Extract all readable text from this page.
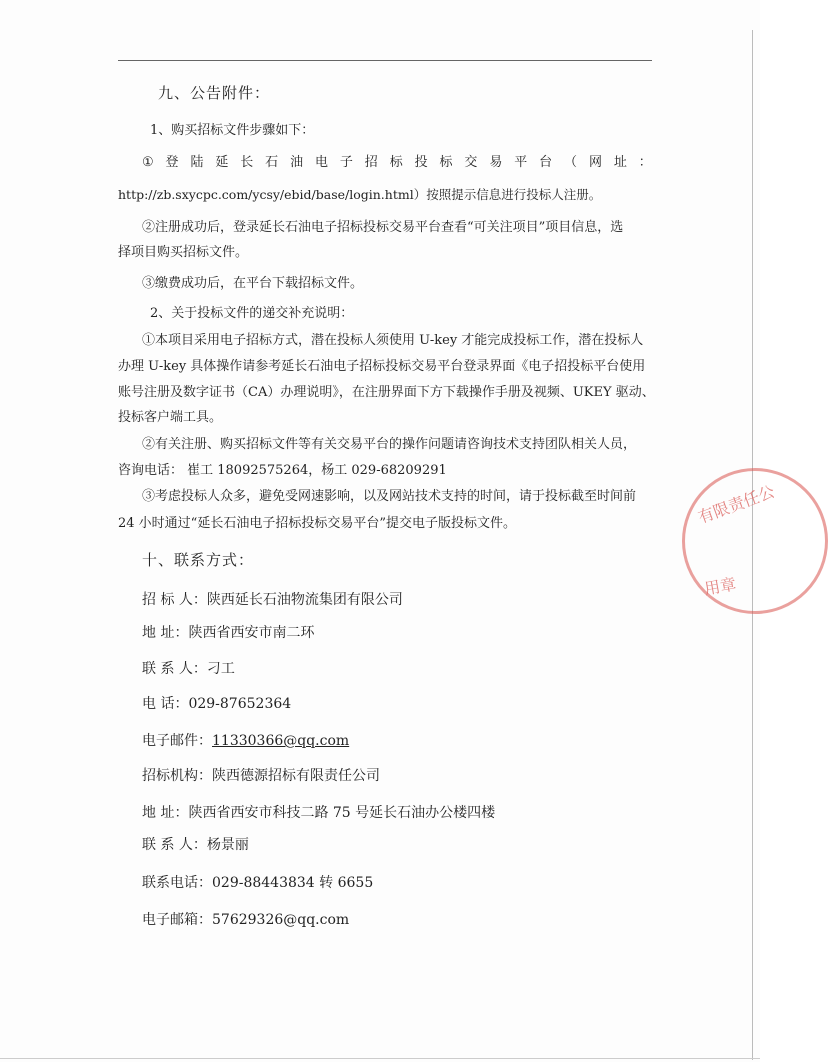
九、公告附件：
1、购买招标文件步骤如下：
① 登 陆 延 长 石 油 电 子 招 标 投 标 交 易 平 台 （ 网 址 ：
http://zb.sxycpc.com/ycsy/ebid/base/login.html）按照提示信息进行投标人注册。
②注册成功后，登录延长石油电子招标投标交易平台查看“可关注项目”项目信息，选
择项目购买招标文件。
③缴费成功后，在平台下载招标文件。
2、关于投标文件的递交补充说明：
①本项目采用电子招标方式，潜在投标人须使用 U-key 才能完成投标工作，潜在投标人
办理 U-key 具体操作请参考延长石油电子招标投标交易平台登录界面《电子招投标平台使用
账号注册及数字证书（CA）办理说明》，在注册界面下方下载操作手册及视频、UKEY 驱动、
投标客户端工具。
②有关注册、购买招标文件等有关交易平台的操作问题请咨询技术支持团队相关人员，
咨询电话： 崔工 18092575264，杨工 029-68209291
③考虑投标人众多，避免受网速影响，以及网站技术支持的时间，请于投标截至时间前
24 小时通过“延长石油电子招标投标交易平台”提交电子版投标文件。
十、联系方式：
招 标 人：陕西延长石油物流集团有限公司
地 址：陕西省西安市南二环
联 系 人：刁工
电 话：029-87652364
电子邮件：11330366@qq.com
招标机构：陕西德源招标有限责任公司
地 址：陕西省西安市科技二路 75 号延长石油办公楼四楼
联 系 人：杨景丽
联系电话：029-88443834 转 6655
电子邮箱：57629326@qq.com
有限责任公
用章
